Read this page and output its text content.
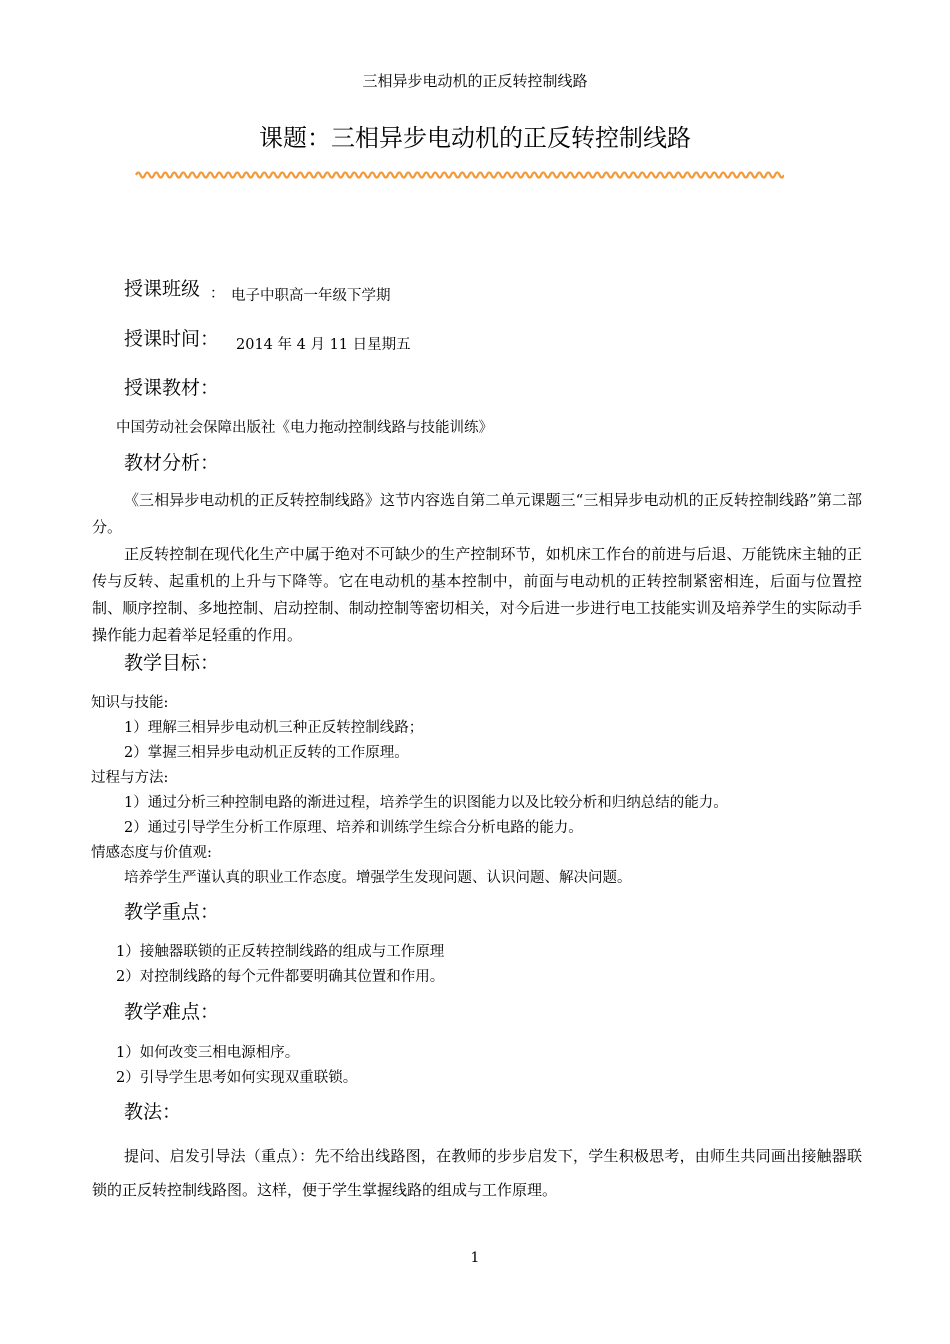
三相异步电动机的正反转控制线路
课题：三相异步电动机的正反转控制线路
授课班级 ： 电子中职高一年级下学期
授课时间： 2014 年 4 月 11 日星期五
授课教材：
中国劳动社会保障出版社《电力拖动控制线路与技能训练》
教材分析：

《三相异步电动机的正反转控制线路》这节内容选自第二单元课题三“三相异步电动机的正反转控制线路”第二部分。

正反转控制在现代化生产中属于绝对不可缺少的生产控制环节，如机床工作台的前进与后退、万能铣床主轴的正传与反转、起重机的上升与下降等。它在电动机的基本控制中，前面与电动机的正转控制紧密相连，后面与位置控制、顺序控制、多地控制、启动控制、制动控制等密切相关，对今后进一步进行电工技能实训及培养学生的实际动手操作能力起着举足轻重的作用。

教学目标：
知识与技能:
1）理解三相异步电动机三种正反转控制线路；
2）掌握三相异步电动机正反转的工作原理。
过程与方法:
1）通过分析三种控制电路的渐进过程，培养学生的识图能力以及比较分析和归纳总结的能力。
2）通过引导学生分析工作原理、培养和训练学生综合分析电路的能力。
情感态度与价值观:
培养学生严谨认真的职业工作态度。增强学生发现问题、认识问题、解决问题。
教学重点：
1）接触器联锁的正反转控制线路的组成与工作原理
2）对控制线路的每个元件都要明确其位置和作用。
教学难点：
1）如何改变三相电源相序。
2）引导学生思考如何实现双重联锁。
教法：

提问、启发引导法（重点）：先不给出线路图，在教师的步步启发下，学生积极思考，由师生共同画出接触器联锁的正反转控制线路图。这样，便于学生掌握线路的组成与工作原理。

1
